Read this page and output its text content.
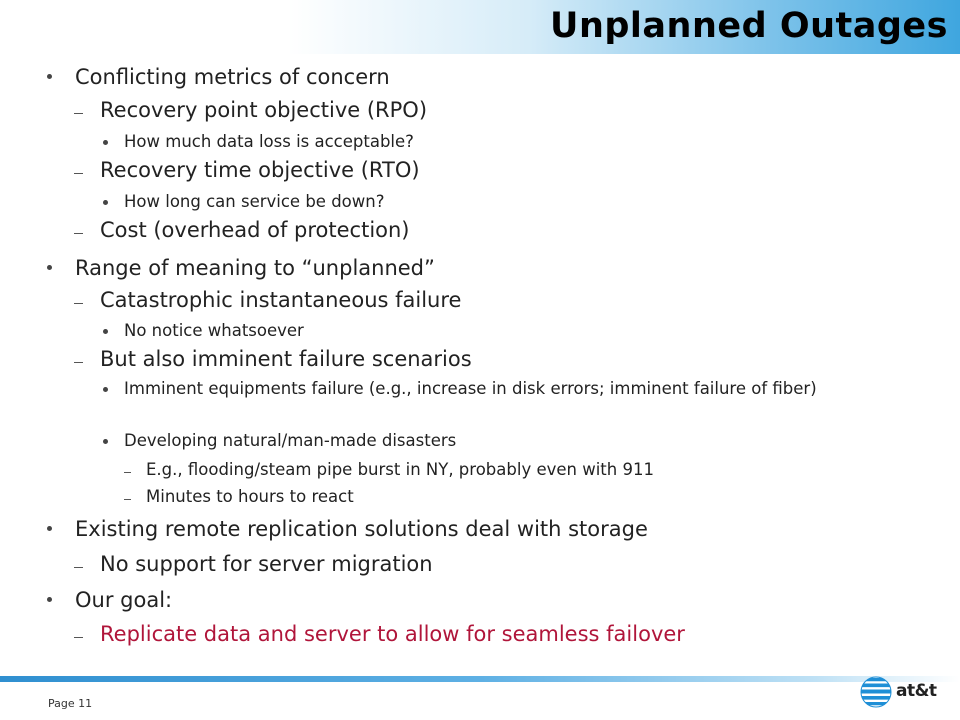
Unplanned Outages
Conflicting metrics of concern
Recovery point objective (RPO)
How much data loss is acceptable?
Recovery time objective (RTO)
How long can service be down?
Cost (overhead of protection)
Range of meaning to “unplanned”
Catastrophic instantaneous failure
No notice whatsoever
But also imminent failure scenarios
Imminent equipments failure (e.g., increase in disk errors; imminent failure of fiber)
Developing natural/man-made disasters
E.g., flooding/steam pipe burst in NY, probably even with 911
Minutes to hours to react
Existing remote replication solutions deal with storage
No support for server migration
Our goal:
Replicate data and server to allow for seamless failover
Page 11
at&t
